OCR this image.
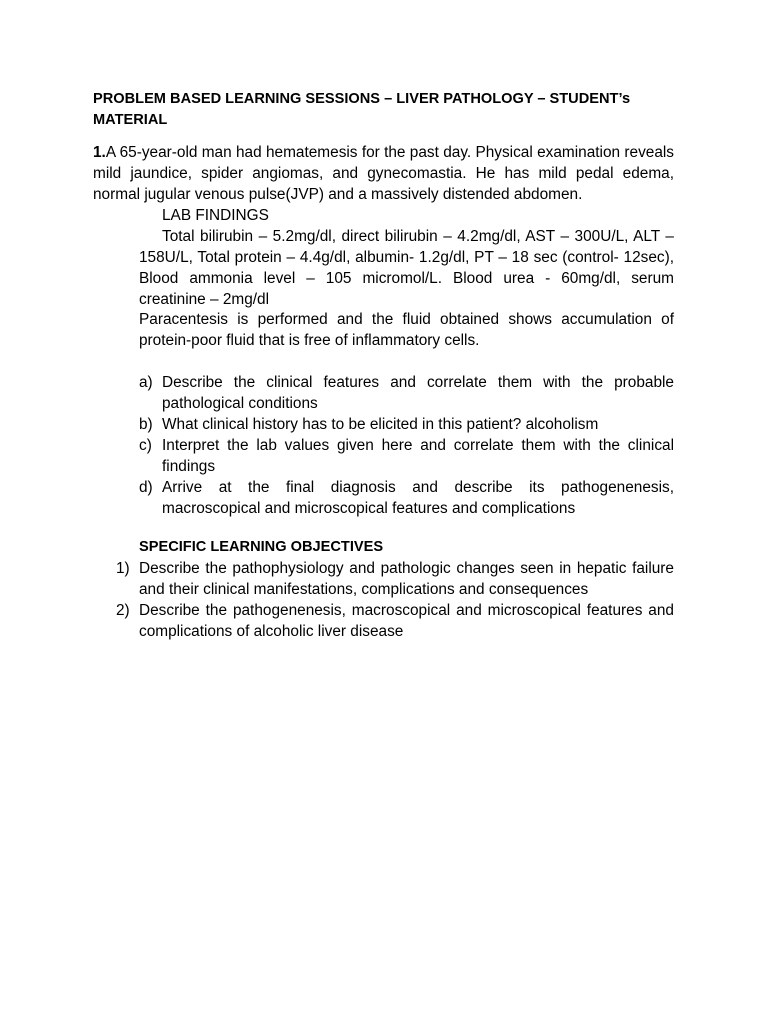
PROBLEM BASED LEARNING SESSIONS – LIVER PATHOLOGY – STUDENT’s MATERIAL
1.A 65-year-old man had hematemesis for the past day. Physical examination reveals mild jaundice, spider angiomas, and gynecomastia. He has mild pedal edema, normal jugular venous pulse(JVP) and a massively distended abdomen.
LAB FINDINGS
Total bilirubin – 5.2mg/dl, direct bilirubin – 4.2mg/dl, AST – 300U/L, ALT – 158U/L, Total protein – 4.4g/dl, albumin- 1.2g/dl, PT – 18 sec (control- 12sec), Blood ammonia level – 105 micromol/L. Blood urea - 60mg/dl, serum creatinine – 2mg/dl
Paracentesis is performed and the fluid obtained shows accumulation of protein-poor fluid that is free of inflammatory cells.
a) Describe the clinical features and correlate them with the probable pathological conditions
b) What clinical history has to be elicited in this patient? alcoholism
c) Interpret the lab values given here and correlate them with the clinical findings
d) Arrive at the final diagnosis and describe its pathogenenesis, macroscopical and microscopical features and complications
SPECIFIC LEARNING OBJECTIVES
1) Describe the pathophysiology and pathologic changes seen in hepatic failure and their clinical manifestations, complications and consequences
2) Describe the pathogenenesis, macroscopical and microscopical features and complications of alcoholic liver disease
